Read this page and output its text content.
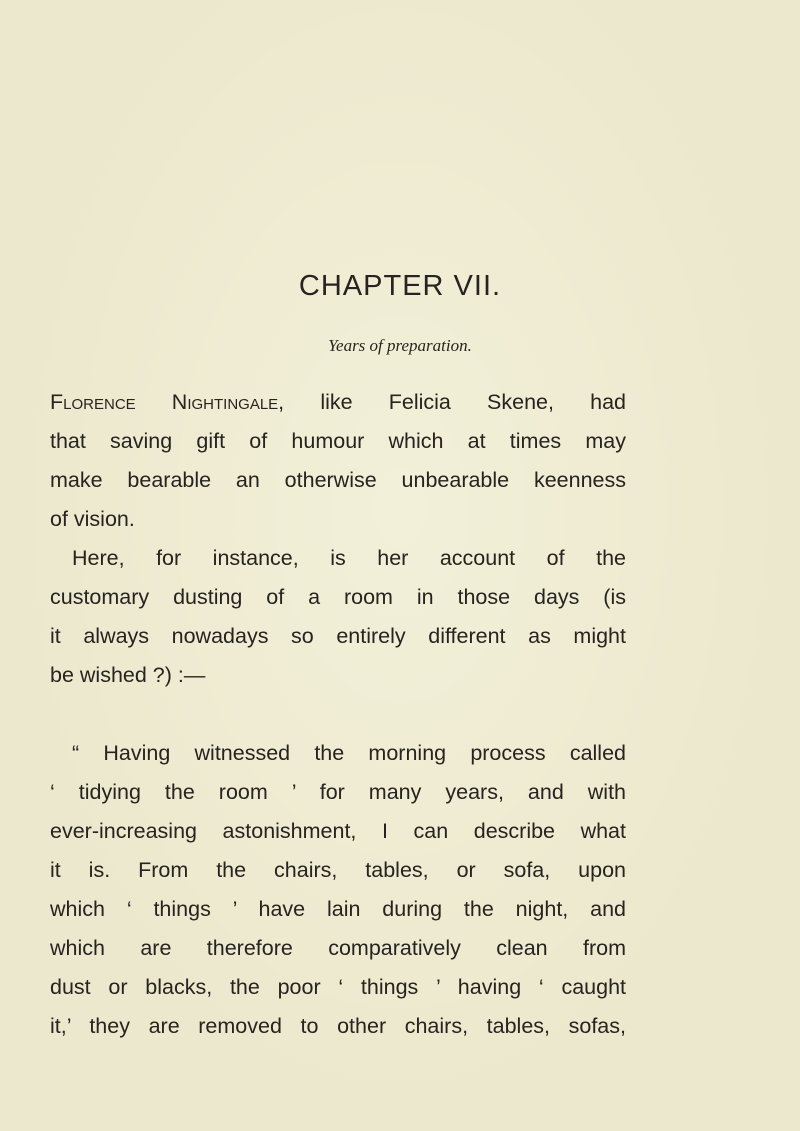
CHAPTER VII.

Years of preparation.

Florence Nightingale, like Felicia Skene, had
that saving gift of humour which at times may
make bearable an otherwise unbearable keenness
of vision.
Here, for instance, is her account of the
customary dusting of a room in those days (is
it always nowadays so entirely different as might
be wished ?) :—
“ Having witnessed the morning process called
‘ tidying the room ’ for many years, and with
ever-increasing astonishment, I can describe what
it is. From the chairs, tables, or sofa, upon
which ‘ things ’ have lain during the night, and
which are therefore comparatively clean from
dust or blacks, the poor ‘ things ’ having ‘ caught
it,’ they are removed to other chairs, tables, sofas,
